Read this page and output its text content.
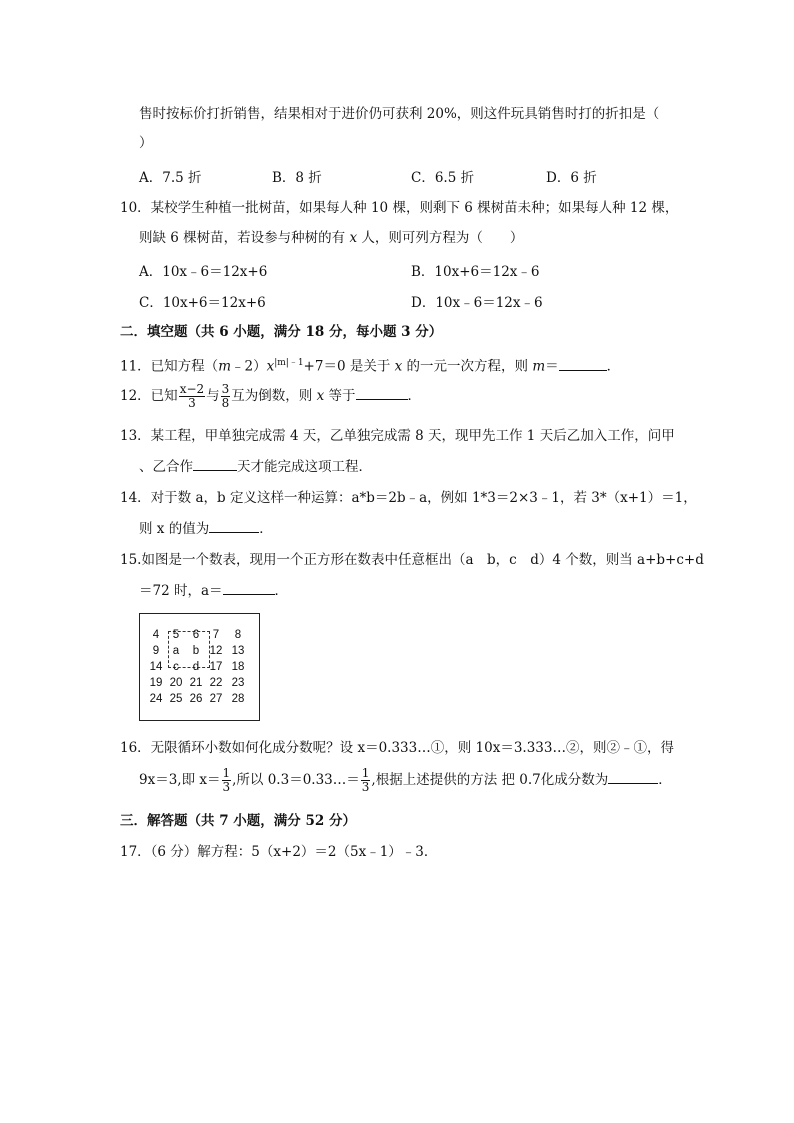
售时按标价打折销售，结果相对于进价仍可获利 20%，则这件玩具销售时打的折扣是（
）
A．7.5 折	B．8 折	C．6.5 折	D．6 折
10．某校学生种植一批树苗，如果每人种 10 棵，则剩下 6 棵树苗未种；如果每人种 12 棵，
则缺 6 棵树苗，若设参与种树的有 x 人，则可列方程为（　　）
A．10x﹣6＝12x+6	B．10x+6＝12x﹣6
C．10x+6＝12x+6	D．10x﹣6＝12x﹣6
二．填空题（共 6 小题，满分 18 分，每小题 3 分）
11．已知方程$(m﹣2)x^{|m|﹣1}+7=0$ 是关于 x 的一元一次方程，则 m＝	．
12．已知 $\frac{x-2}{3}$ 与 $\frac{3}{8}$ 互为倒数，则 x 等于	．
13．某工程，甲单独完成需 4 天，乙单独完成需 8 天，现甲先工作 1 天后乙加入工作，问甲
、乙合作	天才能完成这项工程．
14．对于数 a，b 定义这样一种运算：a*b＝2b﹣a，例如 1*3＝2×3﹣1，若 3*（x+1）＝1，
则 x 的值为	．
15.如图是一个数表，现用一个正方形在数表中任意框出（a　b，c　d）4 个数，则当 a+b+c+d
＝72 时，a＝	．
4	5	6	7	8
9	a	b 12 13
14 c	d 17 18
19 20 21 22 23
24 25 26 27 28
16．无限循环小数如何化成分数呢？设 x＝0.333…①，则 10x＝3.333…②，则②﹣①，得
9x＝3,即 $x= \frac{1}{3}$ ,所以 0.3＝0.33…＝ $\frac{1}{3}$ ,根据上述提供的方法 把 0.7化成分数为	．
三．解答题（共 7 小题，满分 52 分）
17．（6 分）解方程：5（x+2）＝2（5x﹣1）﹣3．
